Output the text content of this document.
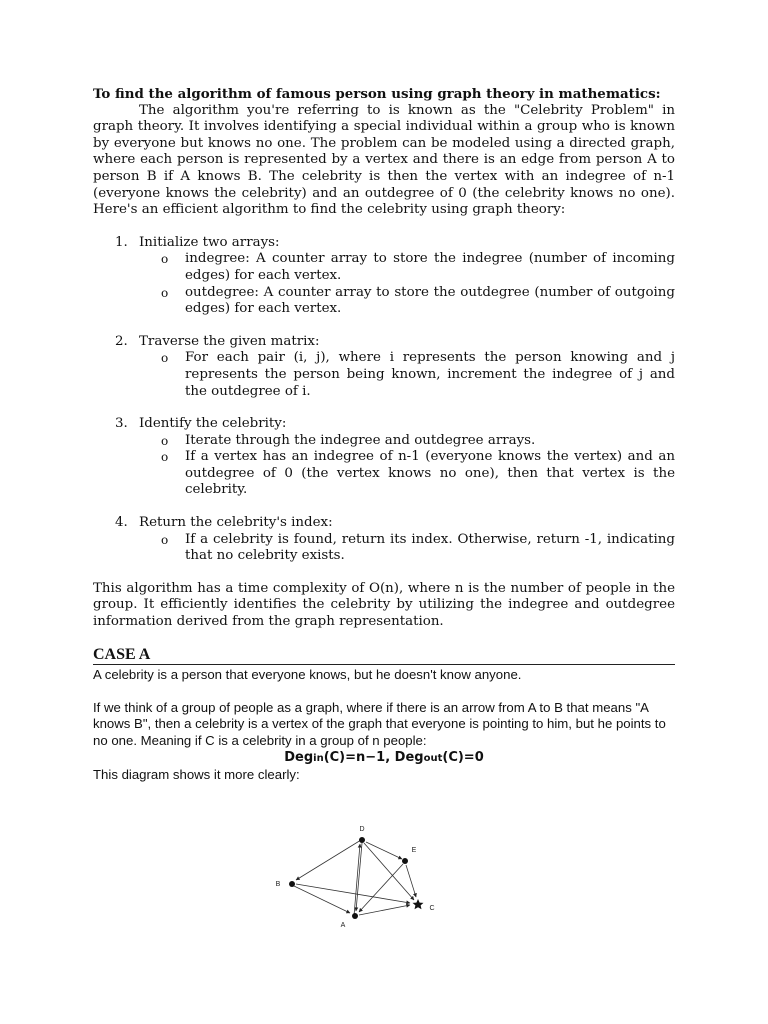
To find the algorithm of famous person using graph theory in mathematics:

The algorithm you're referring to is known as the "Celebrity Problem" in graph theory. It involves identifying a special individual within a group who is known by everyone but knows no one. The problem can be modeled using a directed graph, where each person is represented by a vertex and there is an edge from person A to person B if A knows B. The celebrity is then the vertex with an indegree of n-1 (everyone knows the celebrity) and an outdegree of 0 (the celebrity knows no one). Here's an efficient algorithm to find the celebrity using graph theory:

1. Initialize two arrays:
o indegree: A counter array to store the indegree (number of incoming edges) for each vertex.
o outdegree: A counter array to store the outdegree (number of outgoing edges) for each vertex.
2. Traverse the given matrix:
o For each pair (i, j), where i represents the person knowing and j represents the person being known, increment the indegree of j and the outdegree of i.
3. Identify the celebrity:
o Iterate through the indegree and outdegree arrays.
o If a vertex has an indegree of n-1 (everyone knows the vertex) and an outdegree of 0 (the vertex knows no one), then that vertex is the celebrity.
4. Return the celebrity's index:
o If a celebrity is found, return its index. Otherwise, return -1, indicating that no celebrity exists.

This algorithm has a time complexity of O(n), where n is the number of people in the group. It efficiently identifies the celebrity by utilizing the indegree and outdegree information derived from the graph representation.

CASE A

A celebrity is a person that everyone knows, but he doesn't know anyone.

If we think of a group of people as a graph, where if there is an arrow from A to B that means "A knows B", then a celebrity is a vertex of the graph that everyone is pointing to him, but he points to no one. Meaning if C is a celebrity in a group of n people:

Degin(C)=n−1, Degout(C)=0

This diagram shows it more clearly:

D
E
B
A
C
